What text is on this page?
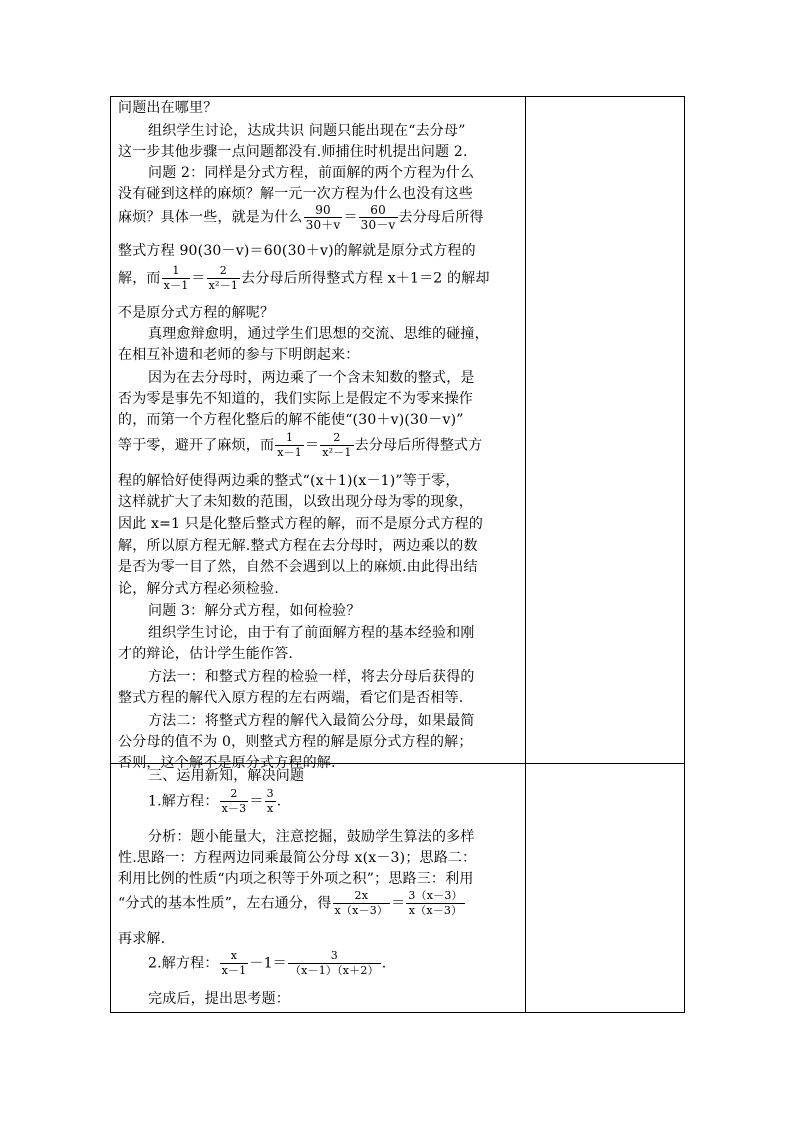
问题出在哪里？
组织学生讨论，达成共识 问题只能出现在“去分母”
这一步其他步骤一点问题都没有.师捕住时机提出问题 2.
问题 2：同样是分式方程，前面解的两个方程为什么
没有碰到这样的麻烦？解一元一次方程为什么也没有这些
麻烦？具体一些，就是为什么 $\frac{90}{30+v} = \frac{60}{30-v}$ 去分母后所得
整式方程 90(30－v)＝60(30＋v)的解就是原分式方程的
解，而 $\frac{1}{x-1} = \frac{2}{\text{x²－1}}$ 去分母后所得整式方程 x＋1＝2 的解却
不是原分式方程的解呢？
真理愈辩愈明，通过学生们思想的交流、思维的碰撞，
在相互补遗和老师的参与下明朗起来：
因为在去分母时，两边乘了一个含未知数的整式，是
否为零是事先不知道的，我们实际上是假定不为零来操作
的，而第一个方程化整后的解不能使“(30＋v)(30－v)”
等于零，避开了麻烦，而 $\frac{1}{x-1} = \frac{2}{\text{x²－1}}$ 去分母后所得整式方
程的解恰好使得两边乘的整式“(x＋1)(x－1)”等于零，
这样就扩大了未知数的范围，以致出现分母为零的现象，
因此 x=1 只是化整后整式方程的解，而不是原分式方程的
解，所以原方程无解.整式方程在去分母时，两边乘以的数
是否为零一目了然，自然不会遇到以上的麻烦.由此得出结
论，解分式方程必须检验.
问题 3：解分式方程，如何检验？
组织学生讨论，由于有了前面解方程的基本经验和刚
才的辩论，估计学生能作答.
方法一：和整式方程的检验一样，将去分母后获得的
整式方程的解代入原方程的左右两端，看它们是否相等.
方法二：将整式方程的解代入最简公分母，如果最简
公分母的值不为 0，则整式方程的解是原分式方程的解；
否则，这个解不是原分式方程的解.
三、运用新知，解决问题
1.解方程： $\frac{2}{x-3} = \frac{3}{x}$ .
分析：题小能量大，注意挖掘，鼓励学生算法的多样
性.思路一：方程两边同乘最简公分母 x(x－3)；思路二：
利用比例的性质“内项之积等于外项之积”；思路三：利用
“分式的基本性质”，左右通分，得 $\frac{2x}{x(x-3)} = \frac{3(x-3)}{x(x-3)}$
再求解.
2.解方程： $\frac{x}{x-1} -1= \frac{3}{(x-1)(x+2)}$ .
完成后，提出思考题：
